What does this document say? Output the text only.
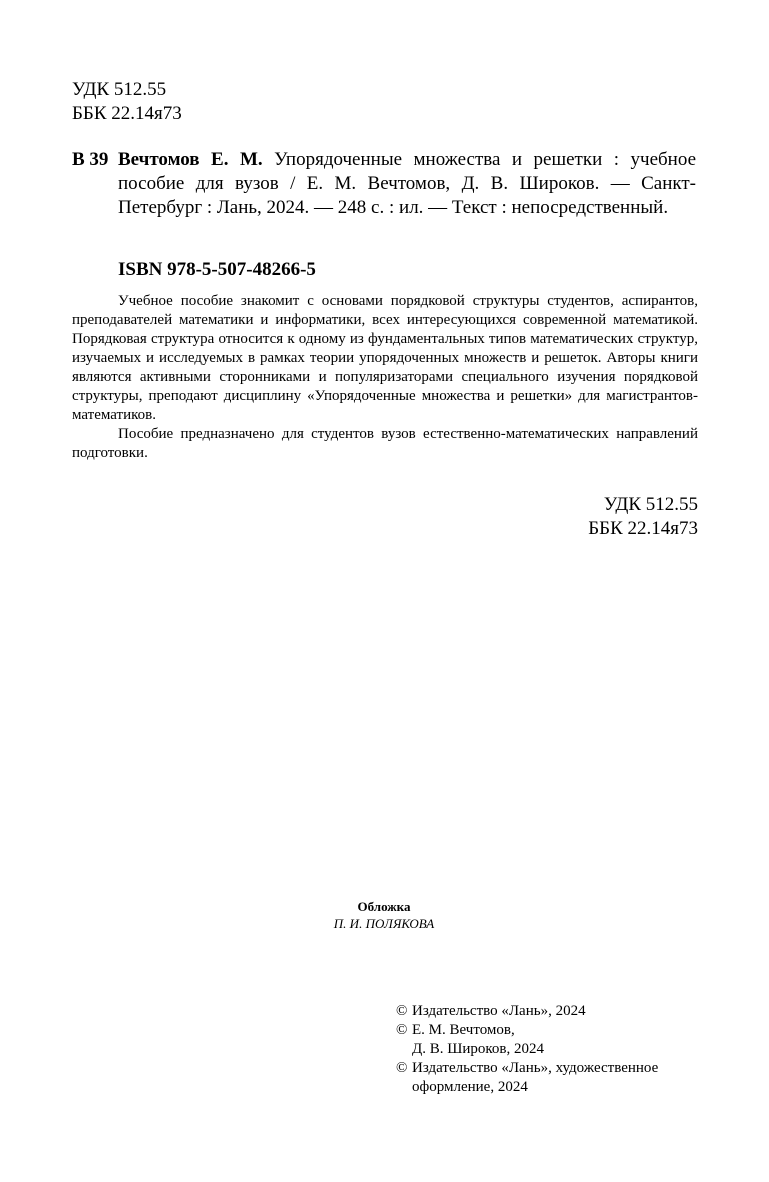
УДК 512.55
ББК 22.14я73
В 39 Вечтомов Е. М. Упорядоченные множества и решетки : учебное пособие для вузов / Е. М. Вечтомов, Д. В. Широков. — Санкт-Петербург : Лань, 2024. — 248 с. : ил. — Текст : непосредственный.
ISBN 978-5-507-48266-5

Учебное пособие знакомит с основами порядковой структуры студентов, аспирантов, преподавателей математики и информатики, всех интересующихся современной математикой. Порядковая структура относится к одному из фундаментальных типов математических структур, изучаемых и исследуемых в рамках теории упорядоченных множеств и решеток. Авторы книги являются активными сторонниками и популяризаторами специального изучения порядковой структуры, преподают дисциплину «Упорядоченные множества и решетки» для магистрантов-математиков.

Пособие предназначено для студентов вузов естественно-математических направлений подготовки.

УДК 512.55
ББК 22.14я73
Обложка
П. И. ПОЛЯКОВА
© Издательство «Лань», 2024
© Е. М. Вечтомов,
Д. В. Широков, 2024
© Издательство «Лань», художественное
оформление, 2024
